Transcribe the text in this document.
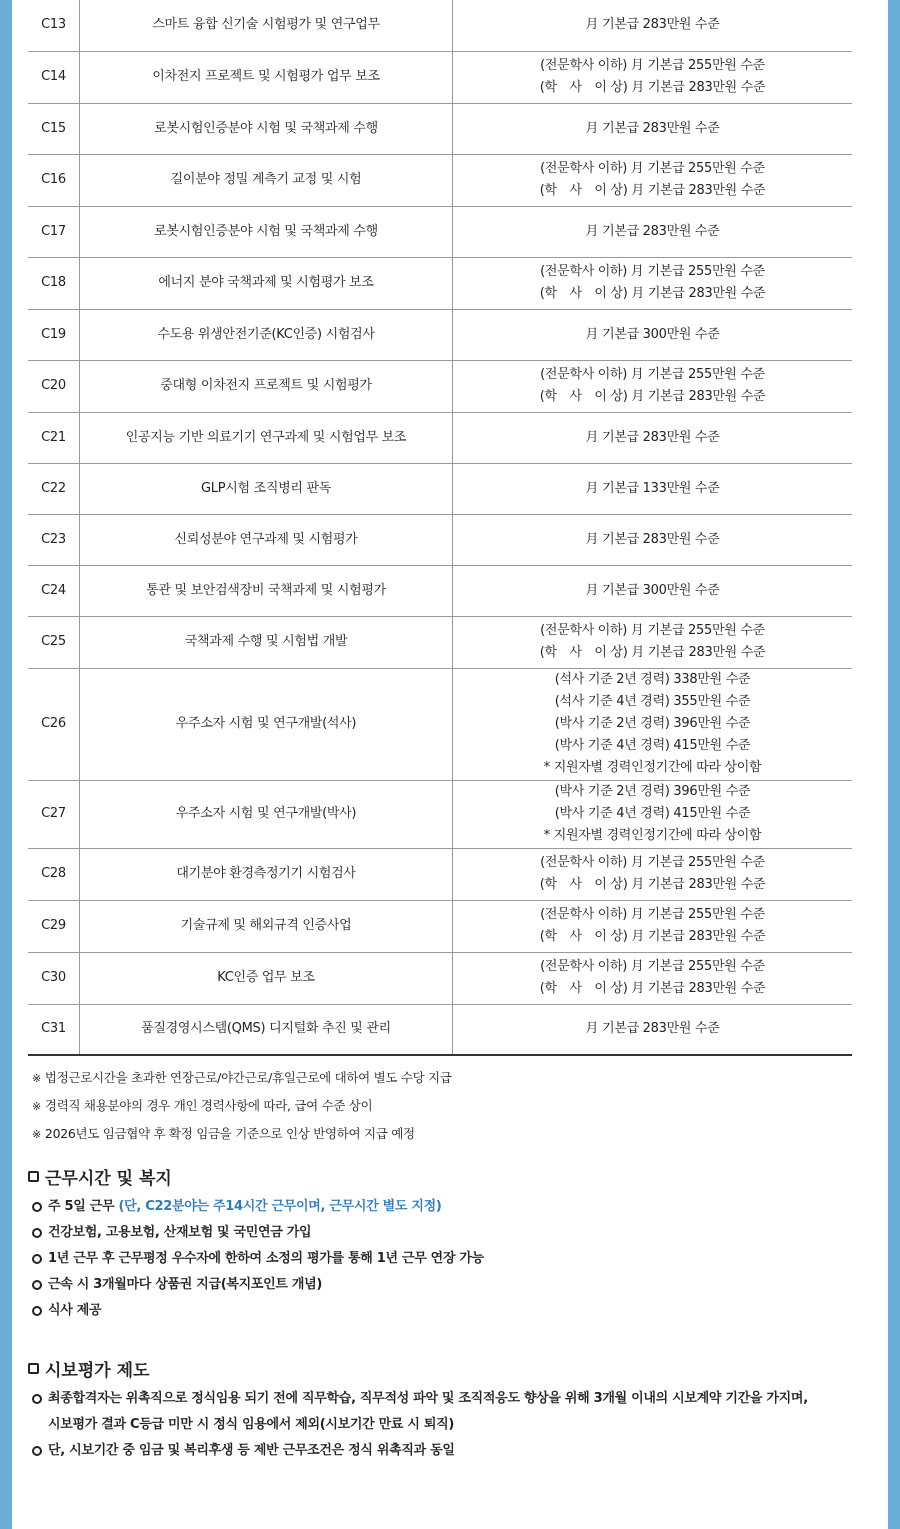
C13	스마트 융합 신기술 시험평가 및 연구업무	月 기본급 283만원 수준

C14	이차전지 프로젝트 및 시험평가 업무 보조	(전문학사 이하) 月 기본급 255만원 수준
(학　사　이 상) 月 기본급 283만원 수준

C15	로봇시험인증분야 시험 및 국책과제 수행	月 기본급 283만원 수준

C16	길이분야 정밀 계측기 교정 및 시험	(전문학사 이하) 月 기본급 255만원 수준
(학　사　이 상) 月 기본급 283만원 수준

C17	로봇시험인증분야 시험 및 국책과제 수행	月 기본급 283만원 수준

C18	에너지 분야 국책과제 및 시험평가 보조	(전문학사 이하) 月 기본급 255만원 수준
(학　사　이 상) 月 기본급 283만원 수준

C19	수도용 위생안전기준(KC인증) 시험검사	月 기본급 300만원 수준

C20	중대형 이차전지 프로젝트 및 시험평가	(전문학사 이하) 月 기본급 255만원 수준
(학　사　이 상) 月 기본급 283만원 수준

C21	인공지능 기반 의료기기 연구과제 및 시험업무 보조	月 기본급 283만원 수준

C22	GLP시험 조직병리 판독	月 기본급 133만원 수준

C23	신뢰성분야 연구과제 및 시험평가	月 기본급 283만원 수준

C24	통관 및 보안검색장비 국책과제 및 시험평가	月 기본급 300만원 수준

C25	국책과제 수행 및 시험법 개발	(전문학사 이하) 月 기본급 255만원 수준
(학　사　이 상) 月 기본급 283만원 수준

C26	우주소자 시험 및 연구개발(석사)	(석사 기준 2년 경력) 338만원 수준
(석사 기준 4년 경력) 355만원 수준
(박사 기준 2년 경력) 396만원 수준
(박사 기준 4년 경력) 415만원 수준
* 지원자별 경력인정기간에 따라 상이함

C27	우주소자 시험 및 연구개발(박사)	(박사 기준 2년 경력) 396만원 수준
(박사 기준 4년 경력) 415만원 수준
* 지원자별 경력인정기간에 따라 상이함

C28	대기분야 환경측정기기 시험검사	(전문학사 이하) 月 기본급 255만원 수준
(학　사　이 상) 月 기본급 283만원 수준

C29	기술규제 및 해외규격 인증사업	(전문학사 이하) 月 기본급 255만원 수준
(학　사　이 상) 月 기본급 283만원 수준

C30	KC인증 업무 보조	(전문학사 이하) 月 기본급 255만원 수준
(학　사　이 상) 月 기본급 283만원 수준

C31	품질경영시스템(QMS) 디지털화 추진 및 관리	月 기본급 283만원 수준
※ 법정근로시간을 초과한 연장근로/야간근로/휴일근로에 대하여 별도 수당 지급
※ 경력직 채용분야의 경우 개인 경력사항에 따라, 급여 수준 상이
※ 2026년도 임금협약 후 확정 임금을 기준으로 인상 반영하여 지급 예정
근무시간 및 복지
주 5일 근무 (단, C22분야는 주14시간 근무이며, 근무시간 별도 지정)
건강보험, 고용보험, 산재보험 및 국민연금 가입
1년 근무 후 근무평정 우수자에 한하여 소정의 평가를 통해 1년 근무 연장 가능
근속 시 3개월마다 상품권 지급(복지포인트 개념)
식사 제공
시보평가 제도
최종합격자는 위촉직으로 정식임용 되기 전에 직무학습, 직무적성 파악 및 조직적응도 향상을 위해 3개월 이내의 시보계약 기간을 가지며,
시보평가 결과 C등급 미만 시 정식 임용에서 제외(시보기간 만료 시 퇴직)
단, 시보기간 중 임금 및 복리후생 등 제반 근무조건은 정식 위촉직과 동일
